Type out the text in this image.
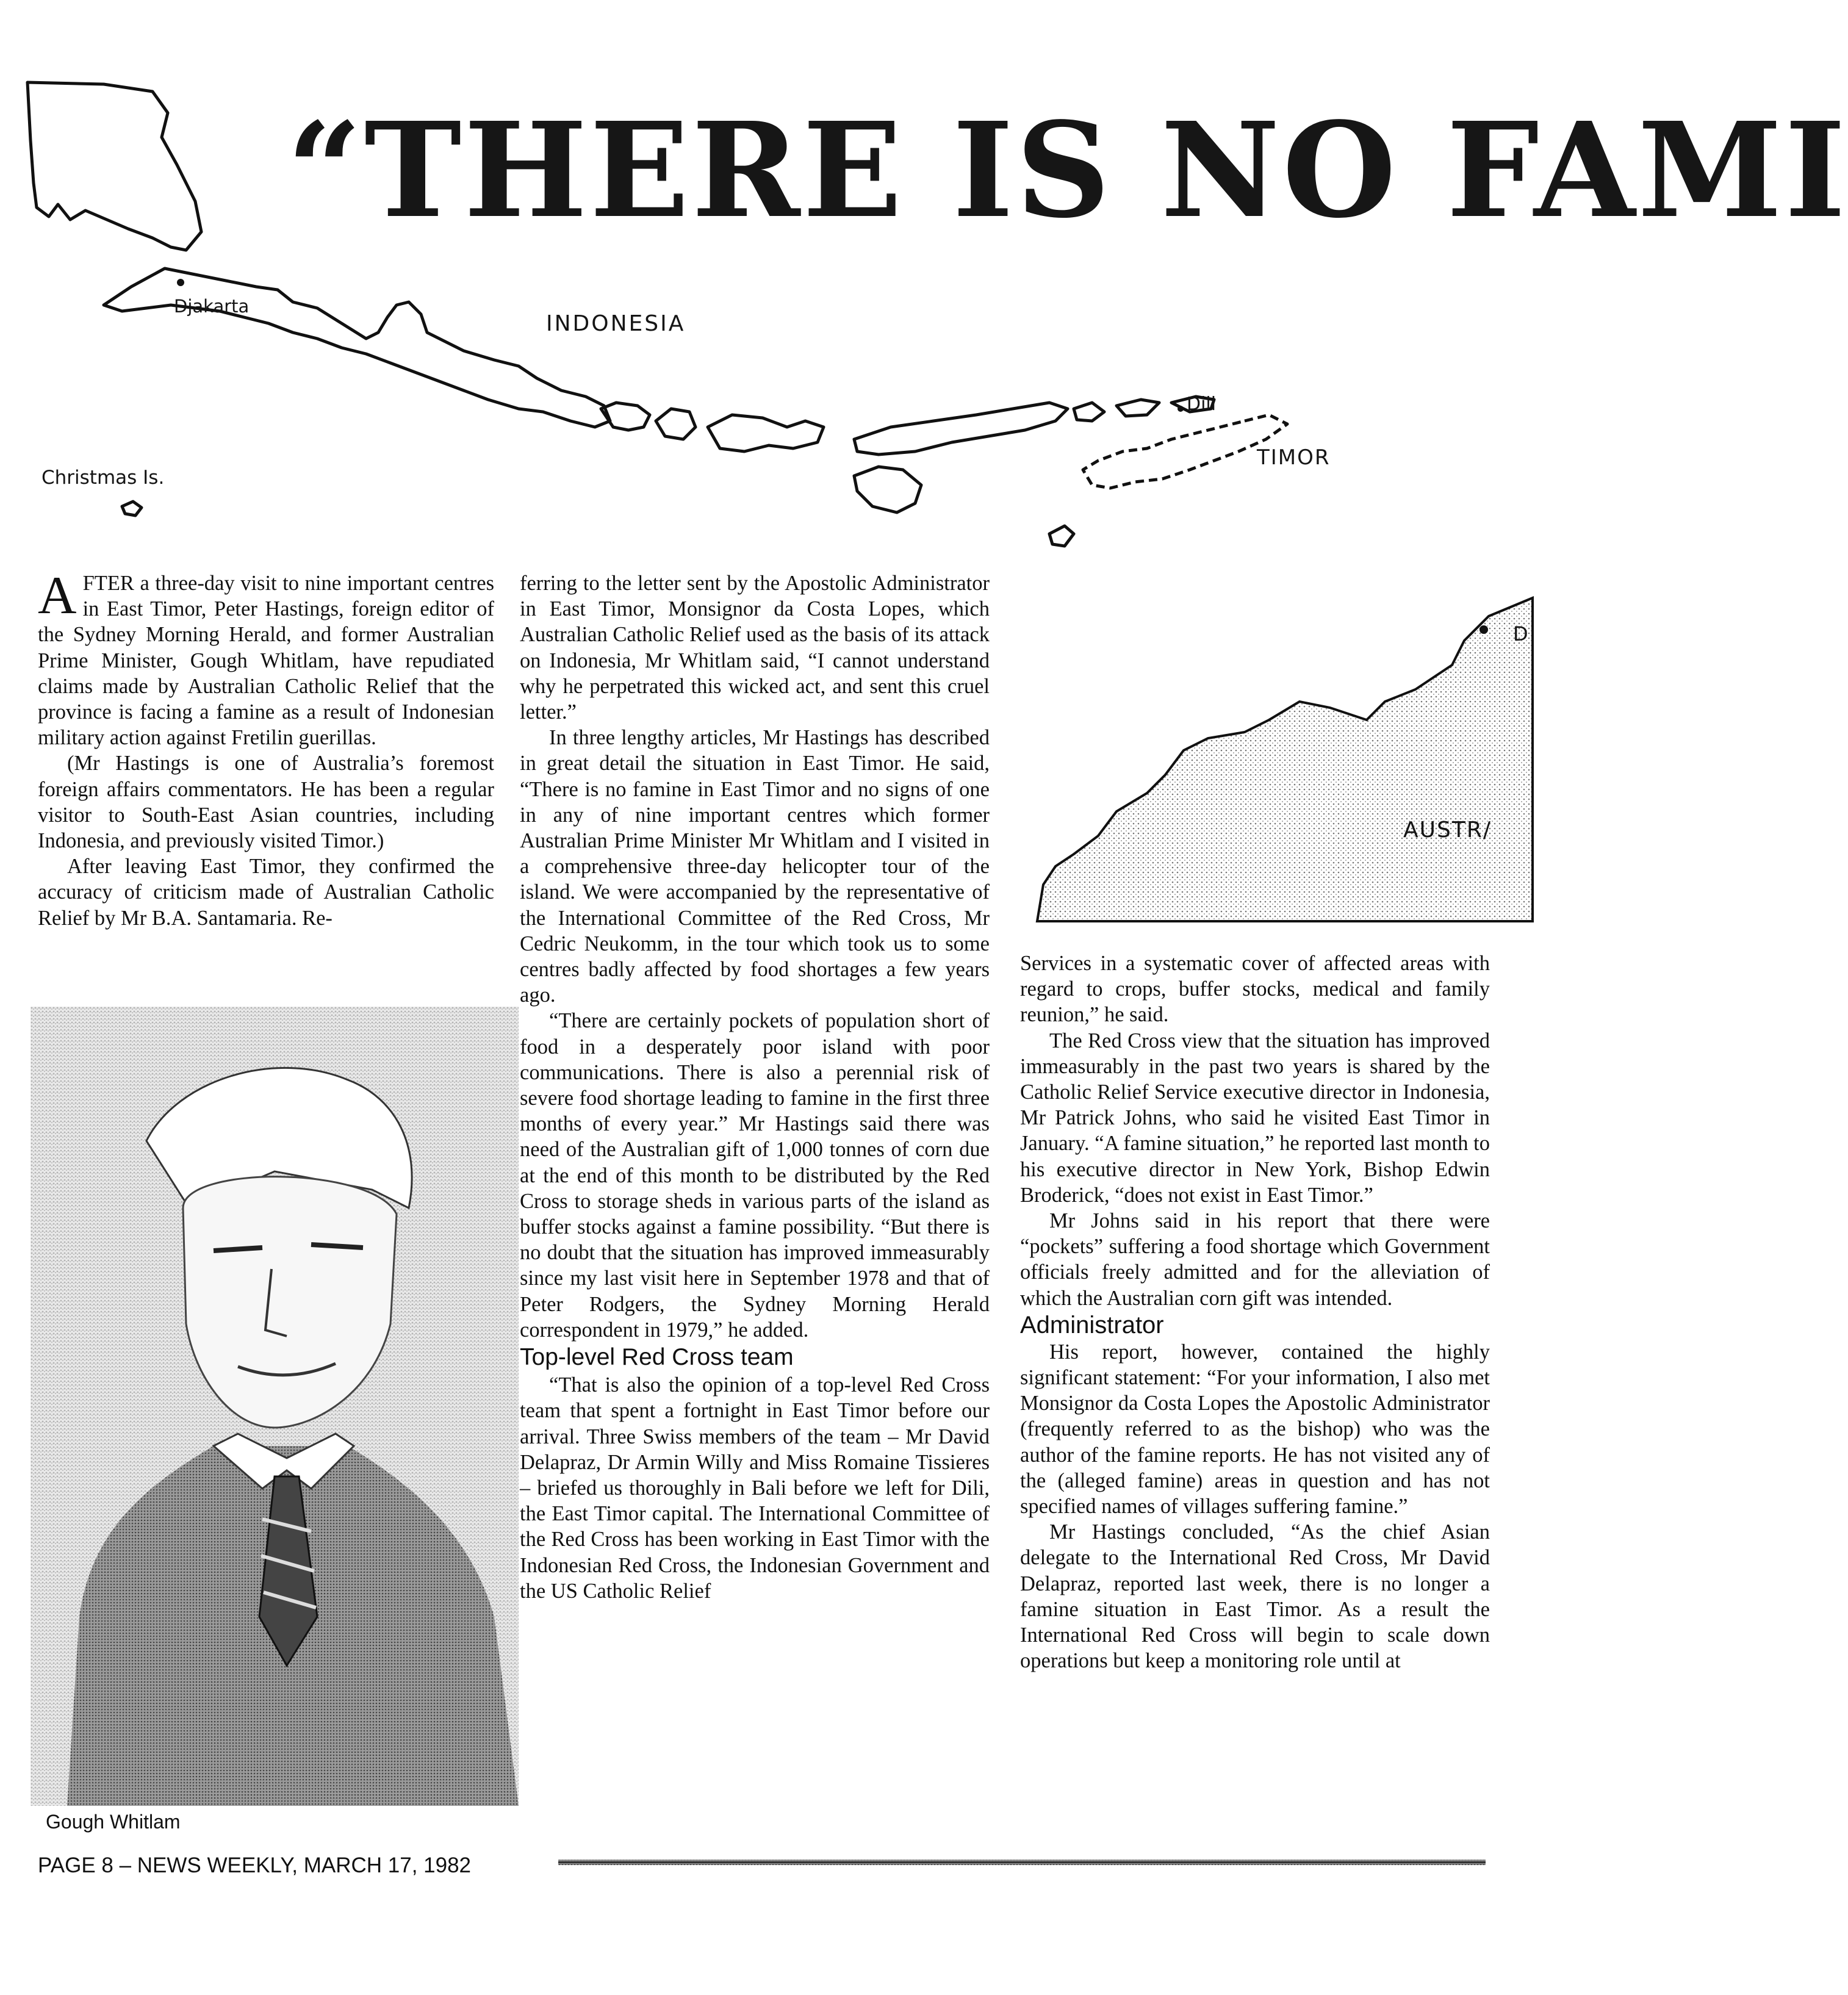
“THERE IS NO FAMI
Djakarta
INDONESIA
Dili
TIMOR
Christmas Is.
D
AUSTR/
Gough Whitlam

AFTER a three-day visit to nine important centres in East Timor, Peter Hastings, foreign editor of the Sydney Morning Herald, and former Australian Prime Minister, Gough Whitlam, have repudiated claims made by Australian Catholic Relief that the province is facing a famine as a result of Indonesian military action against Fretilin guerillas.

(Mr Hastings is one of Australia’s foremost foreign affairs commentators. He has been a regular visitor to South-East Asian countries, including Indonesia, and previously visited Timor.)

After leaving East Timor, they confirmed the accuracy of criticism made of Australian Catholic Relief by Mr B.A. Santamaria. Re-

ferring to the letter sent by the Apostolic Administrator in East Timor, Monsignor da Costa Lopes, which Australian Catholic Relief used as the basis of its attack on Indonesia, Mr Whitlam said, “I cannot understand why he perpetrated this wicked act, and sent this cruel letter.”

In three lengthy articles, Mr Hastings has described in great detail the situation in East Timor. He said, “There is no famine in East Timor and no signs of one in any of nine important centres which former Australian Prime Minister Mr Whitlam and I visited in a comprehensive three-day helicopter tour of the island. We were accompanied by the representative of the International Committee of the Red Cross, Mr Cedric Neukomm, in the tour which took us to some centres badly affected by food shortages a few years ago.

“There are certainly pockets of population short of food in a desperately poor island with poor communications. There is also a perennial risk of severe food shortage leading to famine in the first three months of every year.” Mr Hastings said there was need of the Australian gift of 1,000 tonnes of corn due at the end of this month to be distributed by the Red Cross to storage sheds in various parts of the island as buffer stocks against a famine possibility. “But there is no doubt that the situation has improved immeasurably since my last visit here in September 1978 and that of Peter Rodgers, the Sydney Morning Herald correspondent in 1979,” he added.

Top-level Red Cross team

“That is also the opinion of a top-level Red Cross team that spent a fortnight in East Timor before our arrival. Three Swiss members of the team – Mr David Delapraz, Dr Armin Willy and Miss Romaine Tissieres – briefed us thoroughly in Bali before we left for Dili, the East Timor capital. The International Committee of the Red Cross has been working in East Timor with the Indonesian Red Cross, the Indonesian Government and the US Catholic Relief

Services in a systematic cover of affected areas with regard to crops, buffer stocks, medical and family reunion,” he said.

The Red Cross view that the situation has improved immeasurably in the past two years is shared by the Catholic Relief Service executive director in Indonesia, Mr Patrick Johns, who said he visited East Timor in January. “A famine situation,” he reported last month to his executive director in New York, Bishop Edwin Broderick, “does not exist in East Timor.”

Mr Johns said in his report that there were “pockets” suffering a food shortage which Government officials freely admitted and for the alleviation of which the Australian corn gift was intended.

Administrator

His report, however, contained the highly significant statement: “For your information, I also met Monsignor da Costa Lopes the Apostolic Administrator (frequently referred to as the bishop) who was the author of the famine reports. He has not visited any of the (alleged famine) areas in question and has not specified names of villages suffering famine.”

Mr Hastings concluded, “As the chief Asian delegate to the International Red Cross, Mr David Delapraz, reported last week, there is no longer a famine situation in East Timor. As a result the International Red Cross will begin to scale down operations but keep a monitoring role until at

PAGE 8 – NEWS WEEKLY, MARCH 17, 1982
